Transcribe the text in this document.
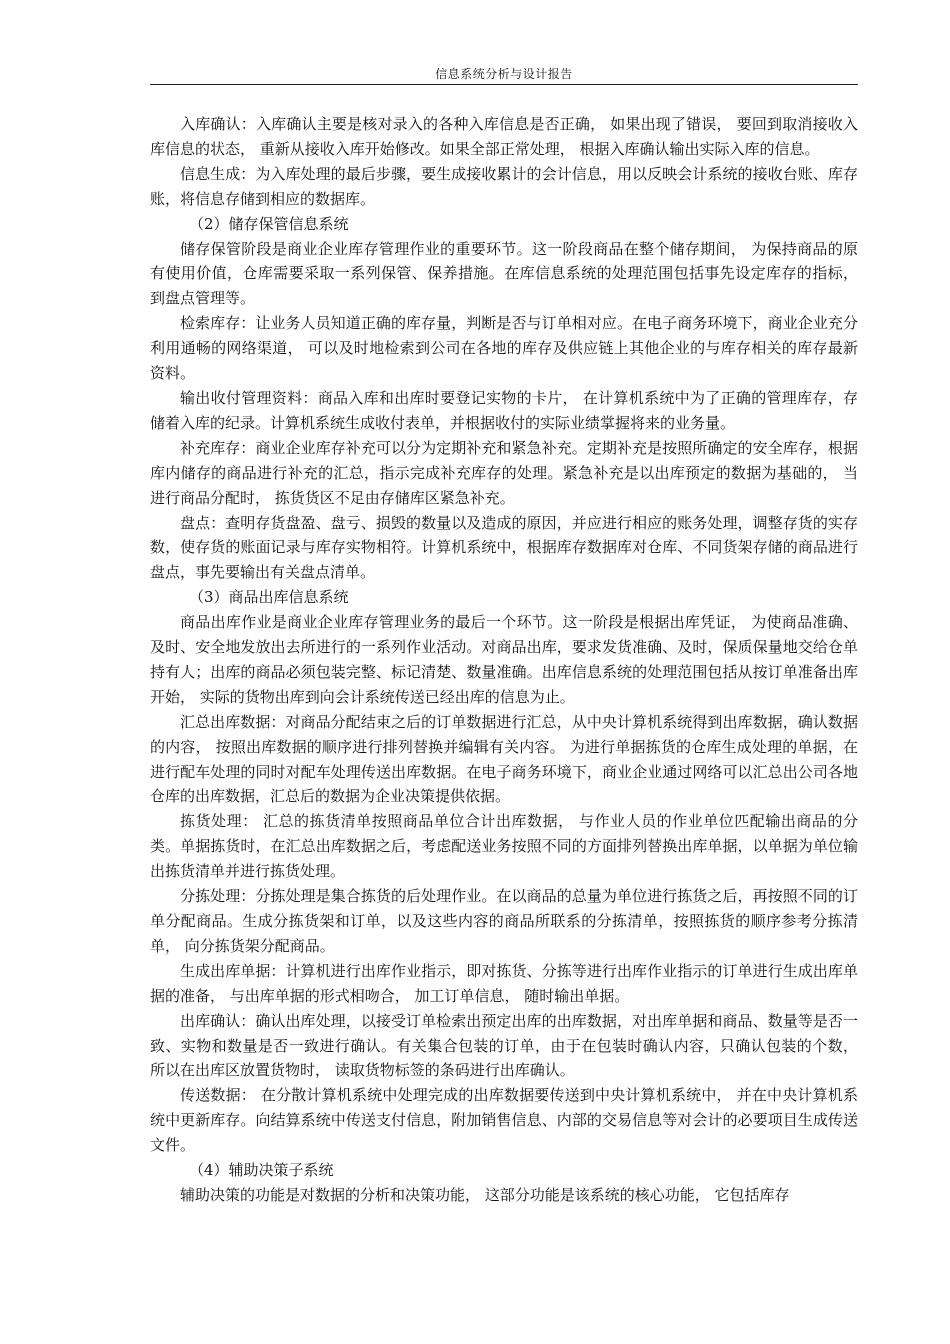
信息系统分析与设计报告

入库确认：入库确认主要是核对录入的各种入库信息是否正确， 如果出现了错误， 要回到取消接收入库信息的状态， 重新从接收入库开始修改。如果全部正常处理， 根据入库确认输出实际入库的信息。

信息生成：为入库处理的最后步骤，要生成接收累计的会计信息，用以反映会计系统的接收台账、库存账，将信息存储到相应的数据库。

（2）储存保管信息系统

储存保管阶段是商业企业库存管理作业的重要环节。这一阶段商品在整个储存期间， 为保持商品的原有使用价值，仓库需要采取一系列保管、保养措施。在库信息系统的处理范围包括事先设定库存的指标， 到盘点管理等。

检索库存：让业务人员知道正确的库存量，判断是否与订单相对应。在电子商务环境下，商业企业充分利用通畅的网络渠道， 可以及时地检索到公司在各地的库存及供应链上其他企业的与库存相关的库存最新资料。

输出收付管理资料：商品入库和出库时要登记实物的卡片， 在计算机系统中为了正确的管理库存，存储着入库的纪录。计算机系统生成收付表单，并根据收付的实际业绩掌握将来的业务量。

补充库存：商业企业库存补充可以分为定期补充和紧急补充。定期补充是按照所确定的安全库存，根据库内储存的商品进行补充的汇总，指示完成补充库存的处理。紧急补充是以出库预定的数据为基础的， 当进行商品分配时， 拣货货区不足由存储库区紧急补充。

盘点：查明存货盘盈、盘亏、损毁的数量以及造成的原因，并应进行相应的账务处理，调整存货的实存数，使存货的账面记录与库存实物相符。计算机系统中，根据库存数据库对仓库、不同货架存储的商品进行盘点，事先要输出有关盘点清单。

（3）商品出库信息系统

商品出库作业是商业企业库存管理业务的最后一个环节。这一阶段是根据出库凭证， 为使商品准确、及时、安全地发放出去所进行的一系列作业活动。对商品出库，要求发货准确、及时，保质保量地交给仓单持有人；出库的商品必须包装完整、标记清楚、数量准确。出库信息系统的处理范围包括从按订单准备出库开始， 实际的货物出库到向会计系统传送已经出库的信息为止。

汇总出库数据：对商品分配结束之后的订单数据进行汇总，从中央计算机系统得到出库数据，确认数据的内容， 按照出库数据的顺序进行排列替换并编辑有关内容。 为进行单据拣货的仓库生成处理的单据，在进行配车处理的同时对配车处理传送出库数据。在电子商务环境下，商业企业通过网络可以汇总出公司各地仓库的出库数据，汇总后的数据为企业决策提供依据。

拣货处理： 汇总的拣货清单按照商品单位合计出库数据， 与作业人员的作业单位匹配输出商品的分类。单据拣货时，在汇总出库数据之后，考虑配送业务按照不同的方面排列替换出库单据，以单据为单位输出拣货清单并进行拣货处理。

分拣处理：分拣处理是集合拣货的后处理作业。在以商品的总量为单位进行拣货之后，再按照不同的订单分配商品。生成分拣货架和订单，以及这些内容的商品所联系的分拣清单，按照拣货的顺序参考分拣清单， 向分拣货架分配商品。

生成出库单据：计算机进行出库作业指示，即对拣货、分拣等进行出库作业指示的订单进行生成出库单据的准备， 与出库单据的形式相吻合， 加工订单信息， 随时输出单据。

出库确认：确认出库处理，以接受订单检索出预定出库的出库数据，对出库单据和商品、数量等是否一致、实物和数量是否一致进行确认。有关集合包装的订单，由于在包装时确认内容，只确认包装的个数， 所以在出库区放置货物时， 读取货物标签的条码进行出库确认。

传送数据： 在分散计算机系统中处理完成的出库数据要传送到中央计算机系统中， 并在中央计算机系统中更新库存。向结算系统中传送支付信息，附加销售信息、内部的交易信息等对会计的必要项目生成传送文件。

（4）辅助决策子系统

辅助决策的功能是对数据的分析和决策功能， 这部分功能是该系统的核心功能， 它包括库存
